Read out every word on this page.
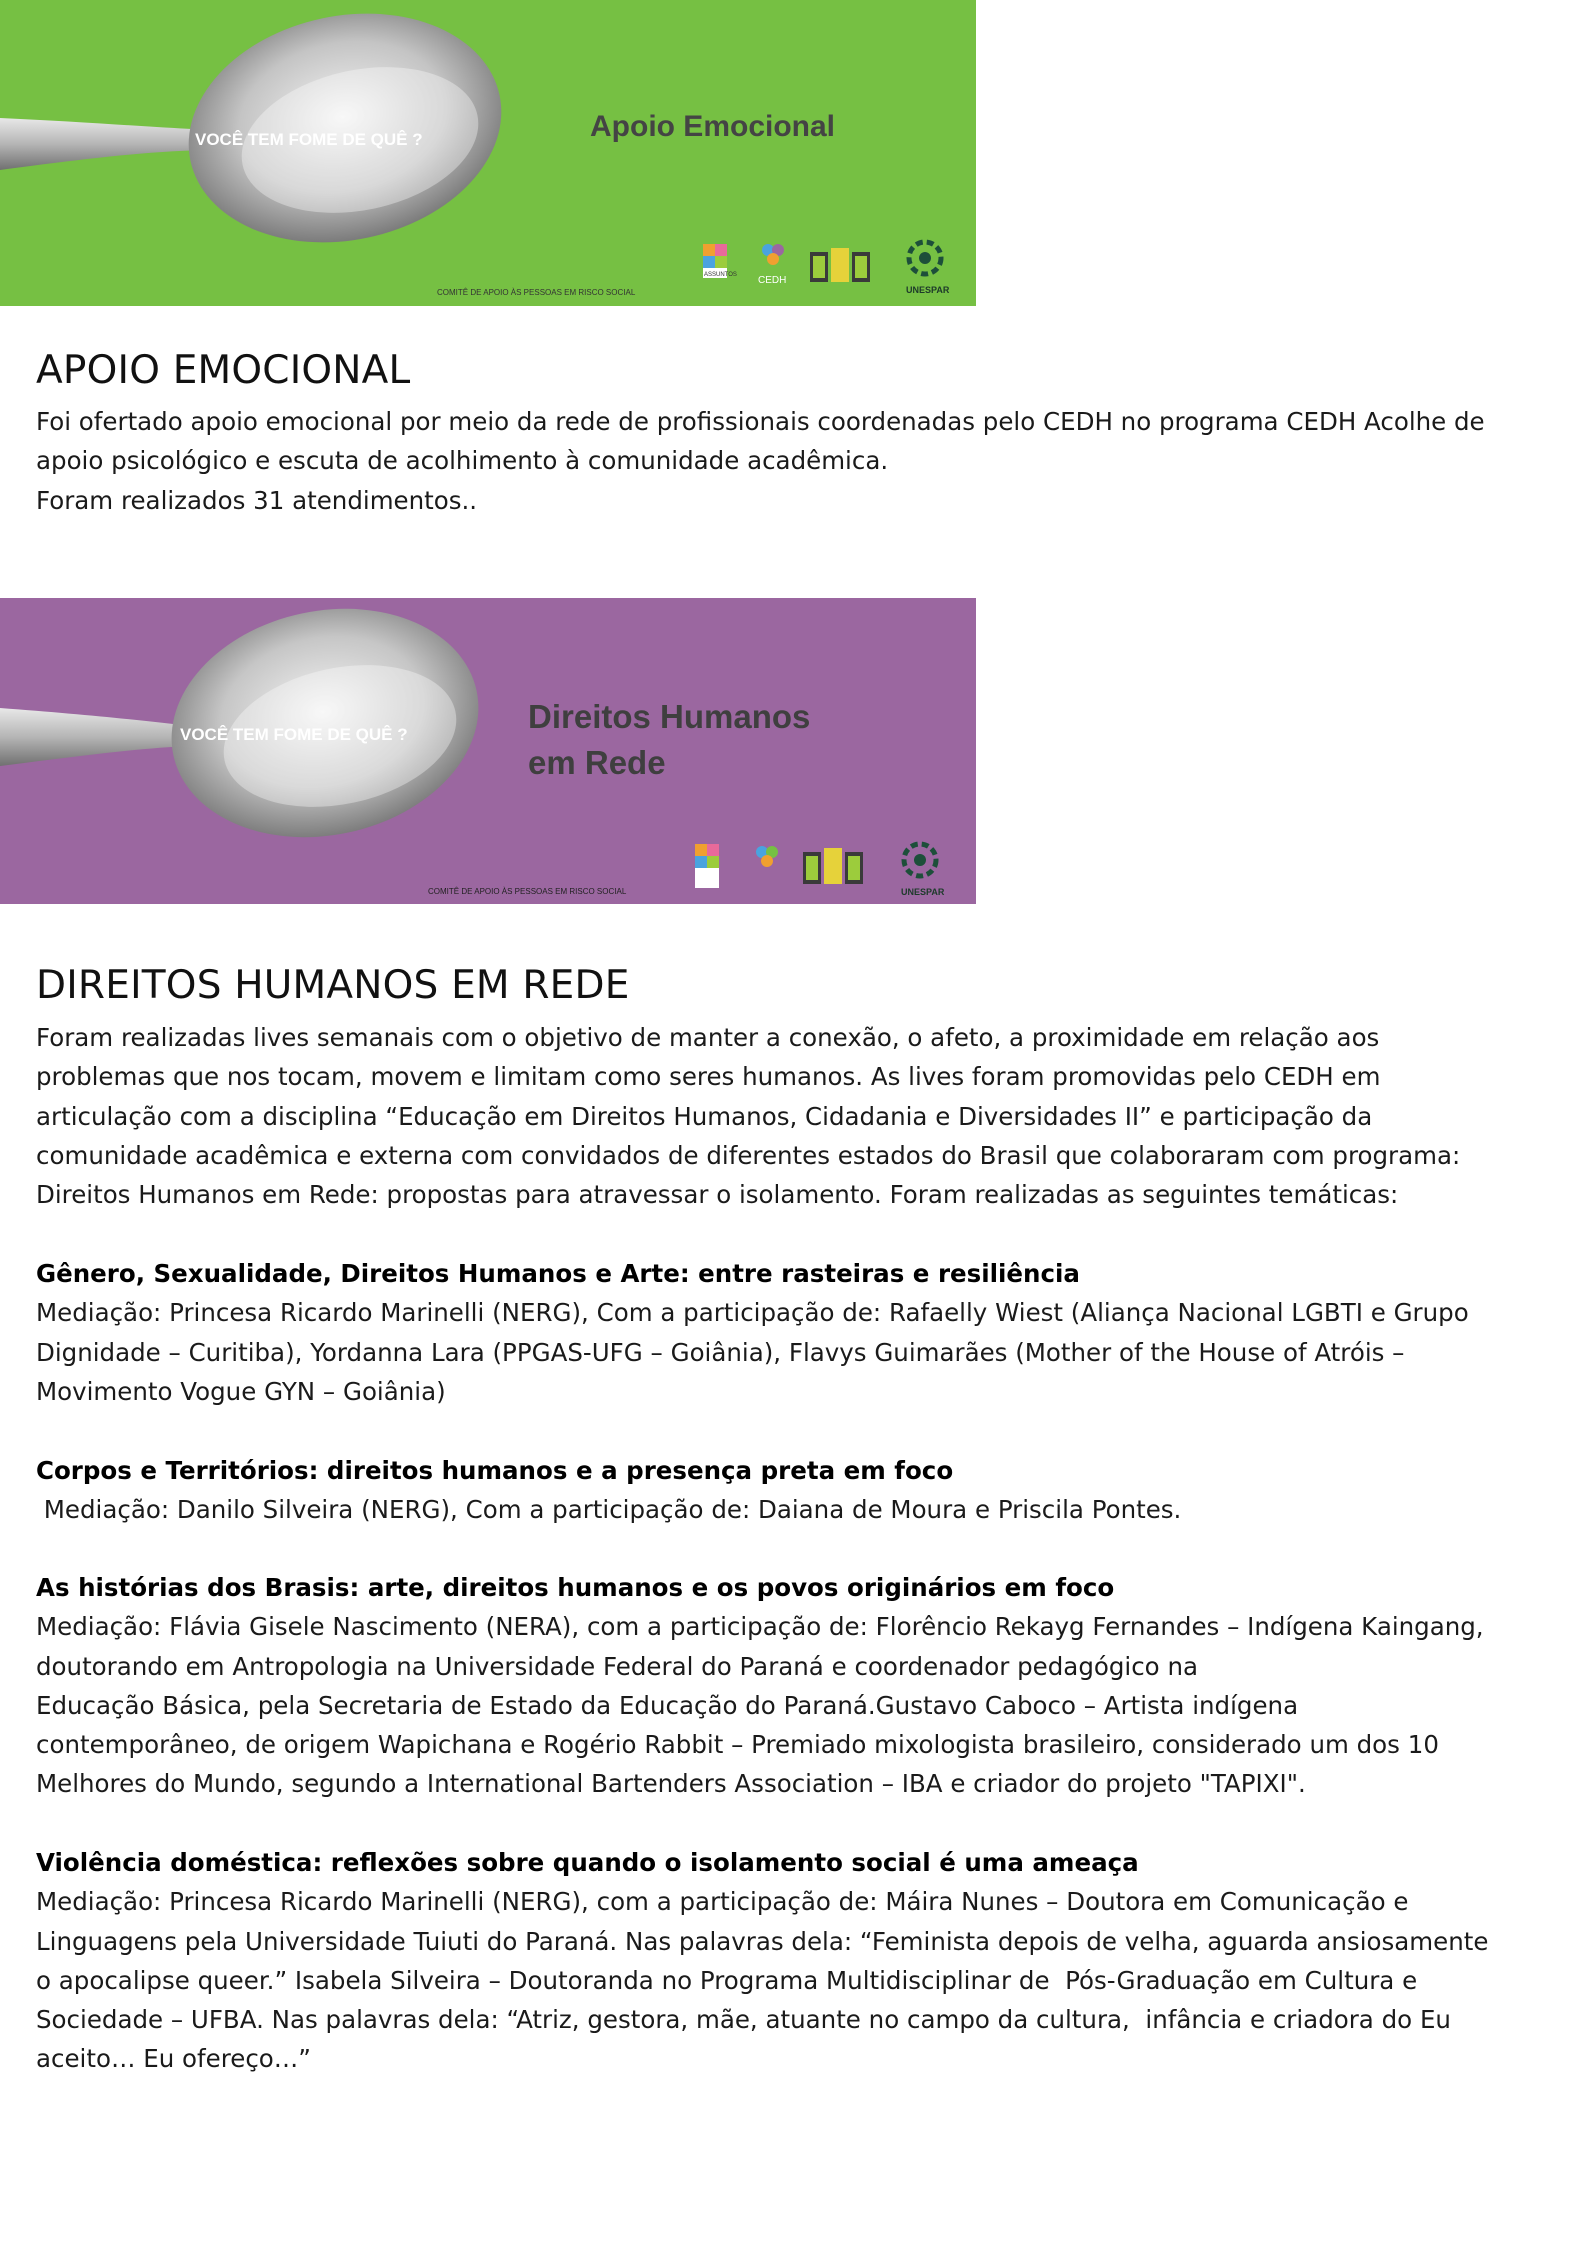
VOCÊ TEM FOME DE QUÊ ?	Apoio Emocional
COMITÊ DE APOIO ÀS PESSOAS EM RISCO SOCIAL
ASSUNTOS CEDH
UNESPAR
APOIO EMOCIONAL
Foi ofertado apoio emocional por meio da rede de profissionais coordenadas pelo CEDH no programa CEDH Acolhe de
apoio psicológico e escuta de acolhimento à comunidade acadêmica.
Foram realizados 31 atendimentos..
VOCÊ TEM FOME DE QUÊ ?	Direitos Humanos
em Rede
COMITÊ DE APOIO ÀS PESSOAS EM RISCO SOCIAL	UNESPAR
DIREITOS HUMANOS EM REDE
Foram realizadas lives semanais com o objetivo de manter a conexão, o afeto, a proximidade em relação aos
problemas que nos tocam, movem e limitam como seres humanos. As lives foram promovidas pelo CEDH em
articulação com a disciplina “Educação em Direitos Humanos, Cidadania e Diversidades II” e participação da
comunidade acadêmica e externa com convidados de diferentes estados do Brasil que colaboraram com programa:
Direitos Humanos em Rede: propostas para atravessar o isolamento. Foram realizadas as seguintes temáticas:
Gênero, Sexualidade, Direitos Humanos e Arte: entre rasteiras e resiliência
Mediação: Princesa Ricardo Marinelli (NERG), Com a participação de: Rafaelly Wiest (Aliança Nacional LGBTI e Grupo
Dignidade – Curitiba), Yordanna Lara (PPGAS-UFG – Goiânia), Flavys Guimarães (Mother of the House of Atróis –
Movimento Vogue GYN – Goiânia)
Corpos e Territórios: direitos humanos e a presença preta em foco
Mediação: Danilo Silveira (NERG), Com a participação de: Daiana de Moura e Priscila Pontes.
As histórias dos Brasis: arte, direitos humanos e os povos originários em foco
Mediação: Flávia Gisele Nascimento (NERA), com a participação de: Florêncio Rekayg Fernandes – Indígena Kaingang,
doutorando em Antropologia na Universidade Federal do Paraná e coordenador pedagógico na
Educação Básica, pela Secretaria de Estado da Educação do Paraná.Gustavo Caboco – Artista indígena
contemporâneo, de origem Wapichana e Rogério Rabbit – Premiado mixologista brasileiro, considerado um dos 10
Melhores do Mundo, segundo a International Bartenders Association – IBA e criador do projeto "TAPIXI".
Violência doméstica: reflexões sobre quando o isolamento social é uma ameaça
Mediação: Princesa Ricardo Marinelli (NERG), com a participação de: Máira Nunes – Doutora em Comunicação e
Linguagens pela Universidade Tuiuti do Paraná. Nas palavras dela: “Feminista depois de velha, aguarda ansiosamente
o apocalipse queer.” Isabela Silveira – Doutoranda no Programa Multidisciplinar de  Pós-Graduação em Cultura e
Sociedade – UFBA. Nas palavras dela: “Atriz, gestora, mãe, atuante no campo da cultura,  infância e criadora do Eu
aceito… Eu ofereço…”
